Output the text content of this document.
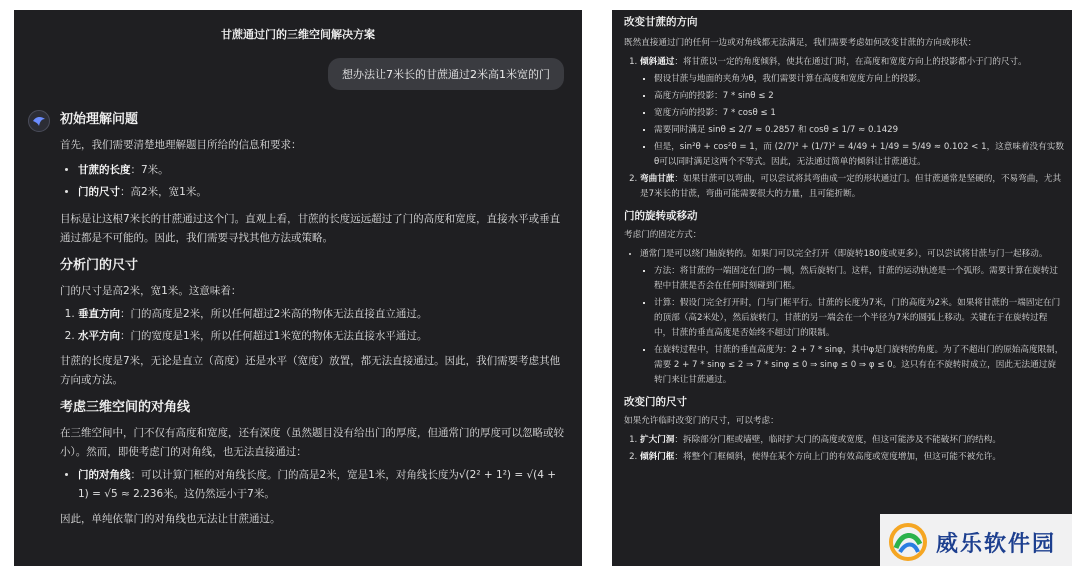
甘蔗通过门的三维空间解决方案
想办法让7米长的甘蔗通过2米高1米宽的门
初始理解问题

首先，我们需要清楚地理解题目所给的信息和要求：

• 甘蔗的长度：7米。
• 门的尺寸：高2米，宽1米。

目标是让这根7米长的甘蔗通过这个门。直观上看，甘蔗的长度远远超过了门的高度和宽度，直接水平或垂直通过都是不可能的。因此，我们需要寻找其他方法或策略。

分析门的尺寸

门的尺寸是高2米，宽1米。这意味着：

1. 垂直方向：门的高度是2米，所以任何超过2米高的物体无法直接直立通过。
2. 水平方向：门的宽度是1米，所以任何超过1米宽的物体无法直接水平通过。

甘蔗的长度是7米，无论是直立（高度）还是水平（宽度）放置，都无法直接通过。因此，我们需要考虑其他方向或方法。

考虑三维空间的对角线

在三维空间中，门不仅有高度和宽度，还有深度（虽然题目没有给出门的厚度，但通常门的厚度可以忽略或较小）。然而，即使考虑门的对角线，也无法直接通过：

• 门的对角线：可以计算门框的对角线长度。门的高是2米，宽是1米，对角线长度为√(2² + 1²) = √(4 + 1) = √5 ≈ 2.236米。这仍然远小于7米。

因此，单纯依靠门的对角线也无法让甘蔗通过。

改变甘蔗的方向

既然直接通过门的任何一边或对角线都无法满足，我们需要考虑如何改变甘蔗的方向或形状：

1. 倾斜通过：将甘蔗以一定的角度倾斜，使其在通过门时，在高度和宽度方向上的投影都小于门的尺寸。
▪ 假设甘蔗与地面的夹角为θ，我们需要计算在高度和宽度方向上的投影。
▪ 高度方向的投影：7 * sinθ ≤ 2
▪ 宽度方向的投影：7 * cosθ ≤ 1
▪ 需要同时满足 sinθ ≤ 2/7 ≈ 0.2857 和 cosθ ≤ 1/7 ≈ 0.1429
▪ 但是，sin²θ + cos²θ = 1，而 (2/7)² + (1/7)² = 4/49 + 1/49 = 5/49 ≈ 0.102 < 1，这意味着没有实数θ可以同时满足这两个不等式。因此，无法通过简单的倾斜让甘蔗通过。
2. 弯曲甘蔗：如果甘蔗可以弯曲，可以尝试将其弯曲成一定的形状通过门。但甘蔗通常是坚硬的，不易弯曲，尤其是7米长的甘蔗，弯曲可能需要很大的力量，且可能折断。
门的旋转或移动

考虑门的固定方式：

• 通常门是可以绕门轴旋转的。如果门可以完全打开（即旋转180度或更多），可以尝试将甘蔗与门一起移动。
▪ 方法：将甘蔗的一端固定在门的一侧，然后旋转门。这样，甘蔗的运动轨迹是一个弧形。需要计算在旋转过程中甘蔗是否会在任何时刻碰到门框。
▪ 计算：假设门完全打开时，门与门框平行。甘蔗的长度为7米，门的高度为2米。如果将甘蔗的一端固定在门的顶部（高2米处），然后旋转门，甘蔗的另一端会在一个半径为7米的圆弧上移动。关键在于在旋转过程中，甘蔗的垂直高度是否始终不超过门的限制。
▪ 在旋转过程中，甘蔗的垂直高度为：2 + 7 * sinφ，其中φ是门旋转的角度。为了不超出门的原始高度限制，需要 2 + 7 * sinφ ≤ 2 ⇒ 7 * sinφ ≤ 0 ⇒ sinφ ≤ 0 ⇒ φ ≤ 0。这只有在不旋转时成立，因此无法通过旋转门来让甘蔗通过。
改变门的尺寸

如果允许临时改变门的尺寸，可以考虑：

1. 扩大门洞：拆除部分门框或墙壁，临时扩大门的高度或宽度，但这可能涉及不能破坏门的结构。
2. 倾斜门框：将整个门框倾斜，使得在某个方向上门的有效高度或宽度增加，但这可能不被允许。
威乐软件园
